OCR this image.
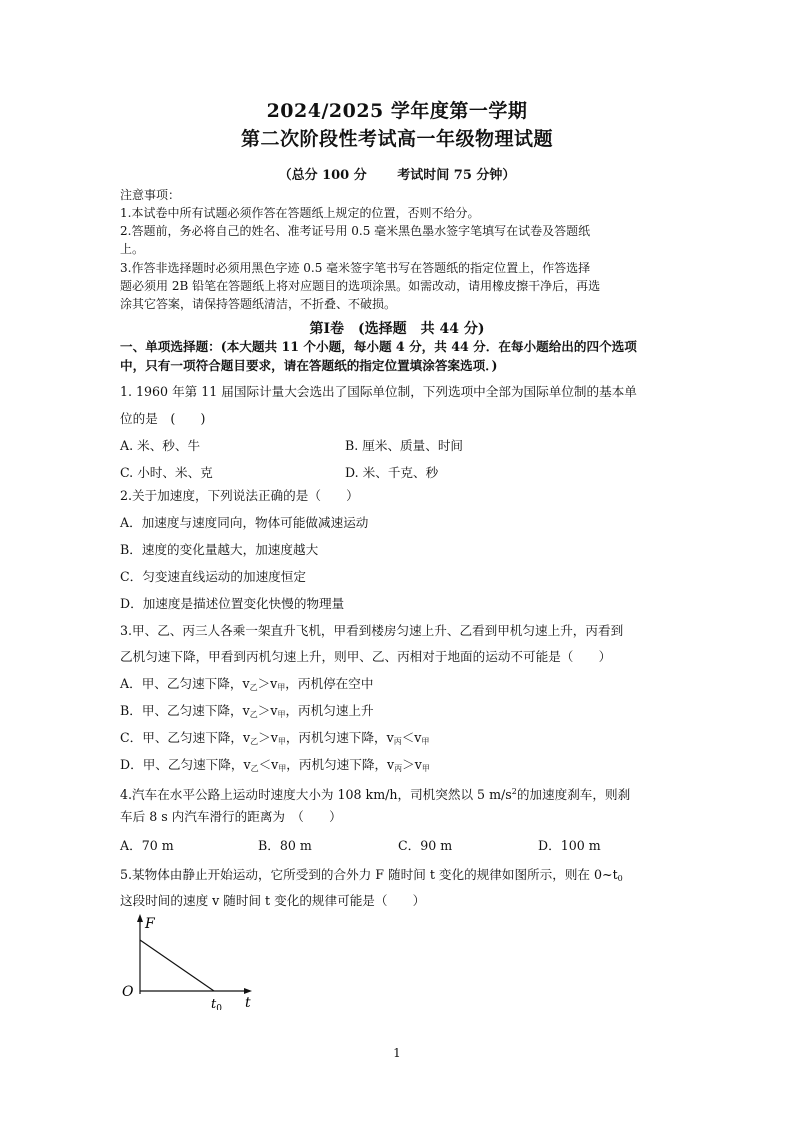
2024/2025 学年度第一学期
第二次阶段性考试高一年级物理试题
（总分 100 分　　 考试时间 75 分钟）
注意事项：
1.本试卷中所有试题必须作答在答题纸上规定的位置，否则不给分。
2.答题前，务必将自己的姓名、准考证号用 0.5 毫米黑色墨水签字笔填写在试卷及答题纸
上。
3.作答非选择题时必须用黑色字迹 0.5 毫米签字笔书写在答题纸的指定位置上，作答选择
题必须用 2B 铅笔在答题纸上将对应题目的选项涂黑。如需改动，请用橡皮擦干净后，再选
涂其它答案，请保持答题纸清洁，不折叠、不破损。
第Ⅰ卷　(选择题　共 44 分)
一、单项选择题：(本大题共 11 个小题，每小题 4 分，共 44 分．在每小题给出的四个选项
中，只有一项符合题目要求，请在答题纸的指定位置填涂答案选项．)
1. 1960 年第 11 届国际计量大会选出了国际单位制，下列选项中全部为国际单位制的基本单
位的是　(　　)
A. 米、秒、牛	B. 厘米、质量、时间
C. 小时、米、克	D. 米、千克、秒
2.关于加速度，下列说法正确的是（　　）
A．加速度与速度同向，物体可能做减速运动
B．速度的变化量越大，加速度越大
C．匀变速直线运动的加速度恒定
D．加速度是描述位置变化快慢的物理量
3.甲、乙、丙三人各乘一架直升飞机，甲看到楼房匀速上升、乙看到甲机匀速上升，丙看到
乙机匀速下降，甲看到丙机匀速上升，则甲、乙、丙相对于地面的运动不可能是（　　）
A．甲、乙匀速下降，$v_乙>v_甲$，丙机停在空中
B．甲、乙匀速下降，$v_乙>v_甲$，丙机匀速上升
C．甲、乙匀速下降，$v_乙>v_甲$，丙机匀速下降，$v_丙<v_甲$
D．甲、乙匀速下降，$v_乙<v_甲$，丙机匀速下降，$v_丙>v_甲$
4.汽车在水平公路上运动时速度大小为 108 km/h，司机突然以 5 $m/s^2$的加速度刹车，则刹
车后 8 s 内汽车滑行的距离为　（　　）
A．70 m	B．80 m	C．90 m	D．100 m
5.某物体由静止开始运动，它所受到的合外力 F 随时间 t 变化的规律如图所示，则在 $0\sim t_0$
这段时间的速度 v 随时间 t 变化的规律可能是（　　）
F
O
$t_0$ t
1
